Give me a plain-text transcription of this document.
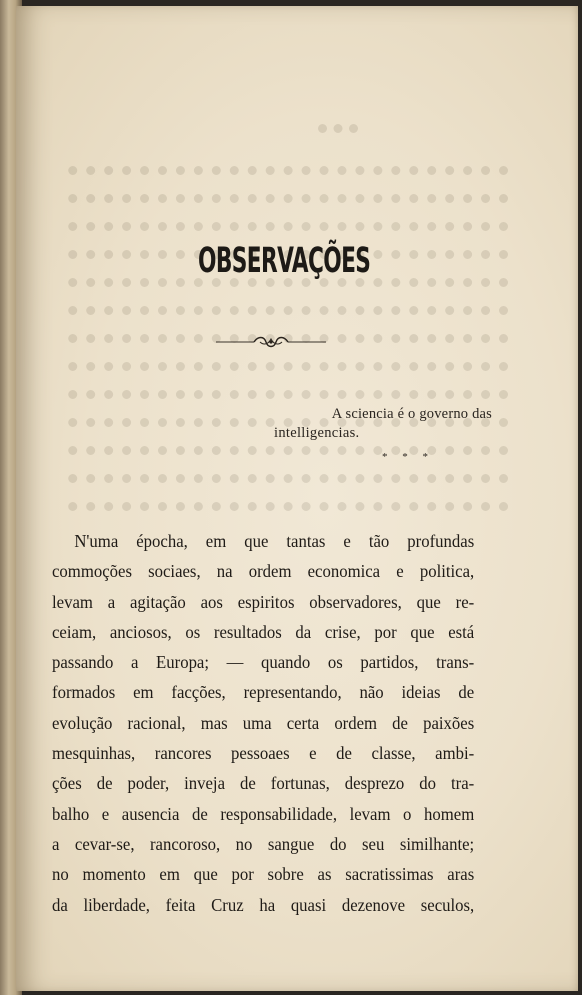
OBSERVAÇÕES
A sciencia é o governo das
intelligencias.
* * *
N'uma épocha, em que tantas e tão profundas
commoções sociaes, na ordem economica e politica,
levam a agitação aos espiritos observadores, que re-
ceiam, anciosos, os resultados da crise, por que está
passando a Europa; — quando os partidos, trans-
formados em facções, representando, não ideias de
evolução racional, mas uma certa ordem de paixões
mesquinhas, rancores pessoaes e de classe, ambi-
ções de poder, inveja de fortunas, desprezo do tra-
balho e ausencia de responsabilidade, levam o homem
a cevar-se, rancoroso, no sangue do seu similhante;
no momento em que por sobre as sacratissimas aras
da liberdade, feita Cruz ha quasi dezenove seculos,
